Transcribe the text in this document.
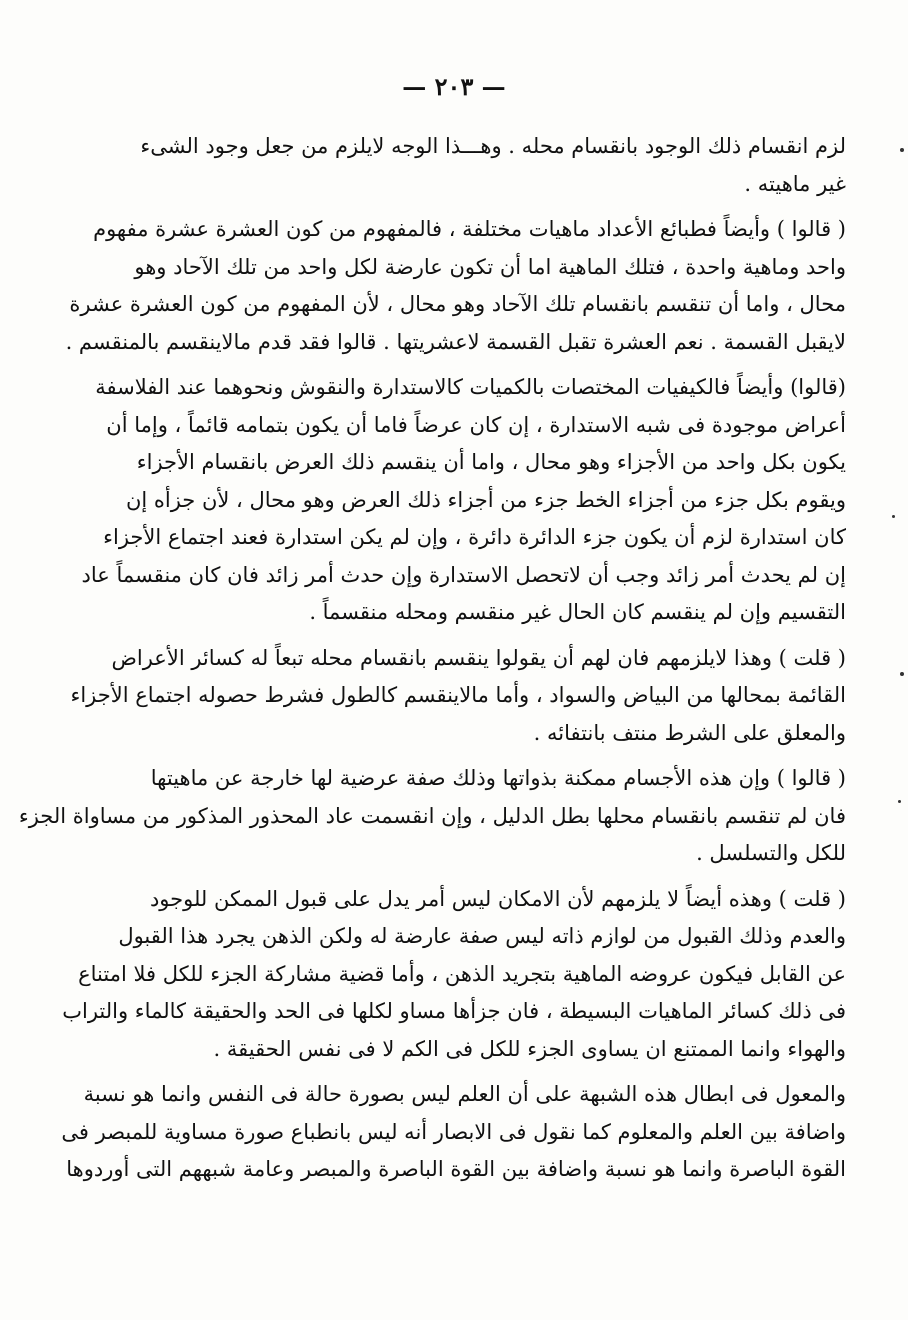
— ٢٠٣ —
لزم انقسام ذلك الوجود بانقسام محله . وهـــذا الوجه لايلزم من جعل وجود الشىء
غير ماهيته .
( قالوا ) وأيضاً فطبائع الأعداد ماهيات مختلفة ، فالمفهوم من كون العشرة عشرة مفهوم
واحد وماهية واحدة ، فتلك الماهية اما أن تكون عارضة لكل واحد من تلك الآحاد وهو
محال ، واما أن تنقسم بانقسام تلك الآحاد وهو محال ، لأن المفهوم من كون العشرة عشرة
لايقبل القسمة . نعم العشرة تقبل القسمة لاعشريتها . قالوا فقد قدم مالاينقسم بالمنقسم .
(قالوا) وأيضاً فالكيفيات المختصات بالكميات كالاستدارة والنقوش ونحوهما عند الفلاسفة
أعراض موجودة فى شبه الاستدارة ، إن كان عرضاً فاما أن يكون بتمامه قائماً ، وإما أن
يكون بكل واحد من الأجزاء وهو محال ، واما أن ينقسم ذلك العرض بانقسام الأجزاء
ويقوم بكل جزء من أجزاء الخط جزء من أجزاء ذلك العرض وهو محال ، لأن جزأه إن
كان استدارة لزم أن يكون جزء الدائرة دائرة ، وإن لم يكن استدارة فعند اجتماع الأجزاء
إن لم يحدث أمر زائد وجب أن لاتحصل الاستدارة وإن حدث أمر زائد فان كان منقسماً عاد
التقسيم وإن لم ينقسم كان الحال غير منقسم ومحله منقسماً .
( قلت ) وهذا لايلزمهم فان لهم أن يقولوا ينقسم بانقسام محله تبعاً له كسائر الأعراض
القائمة بمحالها من البياض والسواد ، وأما مالاينقسم كالطول فشرط حصوله اجتماع الأجزاء
والمعلق على الشرط منتف بانتفائه .
( قالوا ) وإن هذه الأجسام ممكنة بذواتها وذلك صفة عرضية لها خارجة عن ماهيتها
فان لم تنقسم بانقسام محلها بطل الدليل ، وإن انقسمت عاد المحذور المذكور من مساواة الجزء
للكل والتسلسل .
( قلت ) وهذه أيضاً لا يلزمهم لأن الامكان ليس أمر يدل على قبول الممكن للوجود
والعدم وذلك القبول من لوازم ذاته ليس صفة عارضة له ولكن الذهن يجرد هذا القبول
عن القابل فيكون عروضه الماهية بتجريد الذهن ، وأما قضية مشاركة الجزء للكل فلا امتناع
فى ذلك كسائر الماهيات البسيطة ، فان جزأها مساو لكلها فى الحد والحقيقة كالماء والتراب
والهواء وانما الممتنع ان يساوى الجزء للكل فى الكم لا فى نفس الحقيقة .
والمعول فى ابطال هذه الشبهة على أن العلم ليس بصورة حالة فى النفس وانما هو نسبة
واضافة بين العلم والمعلوم كما نقول فى الابصار أنه ليس بانطباع صورة مساوية للمبصر فى
القوة الباصرة وانما هو نسبة واضافة بين القوة الباصرة والمبصر وعامة شبههم التى أوردوها
